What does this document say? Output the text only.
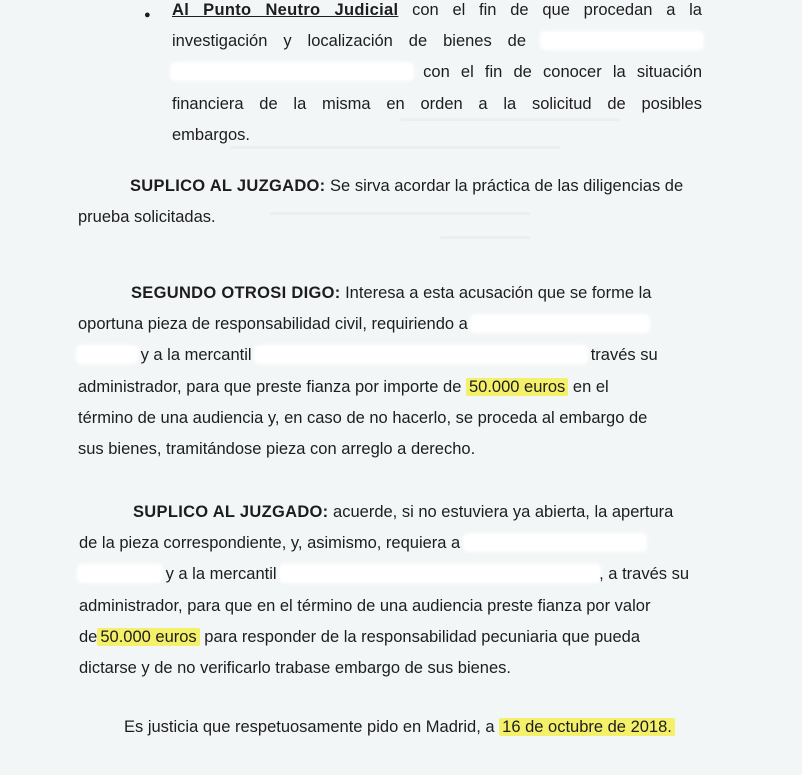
● Al Punto Neutro Judicial con el fin de que procedan a la
investigación y localización de bienes de
con el fin de conocer la situación
financiera de la misma en orden a la solicitud de posibles
embargos.

SUPLICO AL JUZGADO: Se sirva acordar la práctica de las diligencias de
prueba solicitadas.

SEGUNDO OTROSI DIGO: Interesa a esta acusación que se forme la
oportuna pieza de responsabilidad civil, requiriendo a
y a la mercantil	través su
administrador, para que preste fianza por importe de 50.000 euros en el
término de una audiencia y, en caso de no hacerlo, se proceda al embargo de
sus bienes, tramitándose pieza con arreglo a derecho.

SUPLICO AL JUZGADO: acuerde, si no estuviera ya abierta, la apertura
de la pieza correspondiente, y, asimismo, requiera a
y a la mercantil	, a través su
administrador, para que en el término de una audiencia preste fianza por valor
de 50.000 euros para responder de la responsabilidad pecuniaria que pueda
dictarse y de no verificarlo trabase embargo de sus bienes.

Es justicia que respetuosamente pido en Madrid, a 16 de octubre de 2018.
